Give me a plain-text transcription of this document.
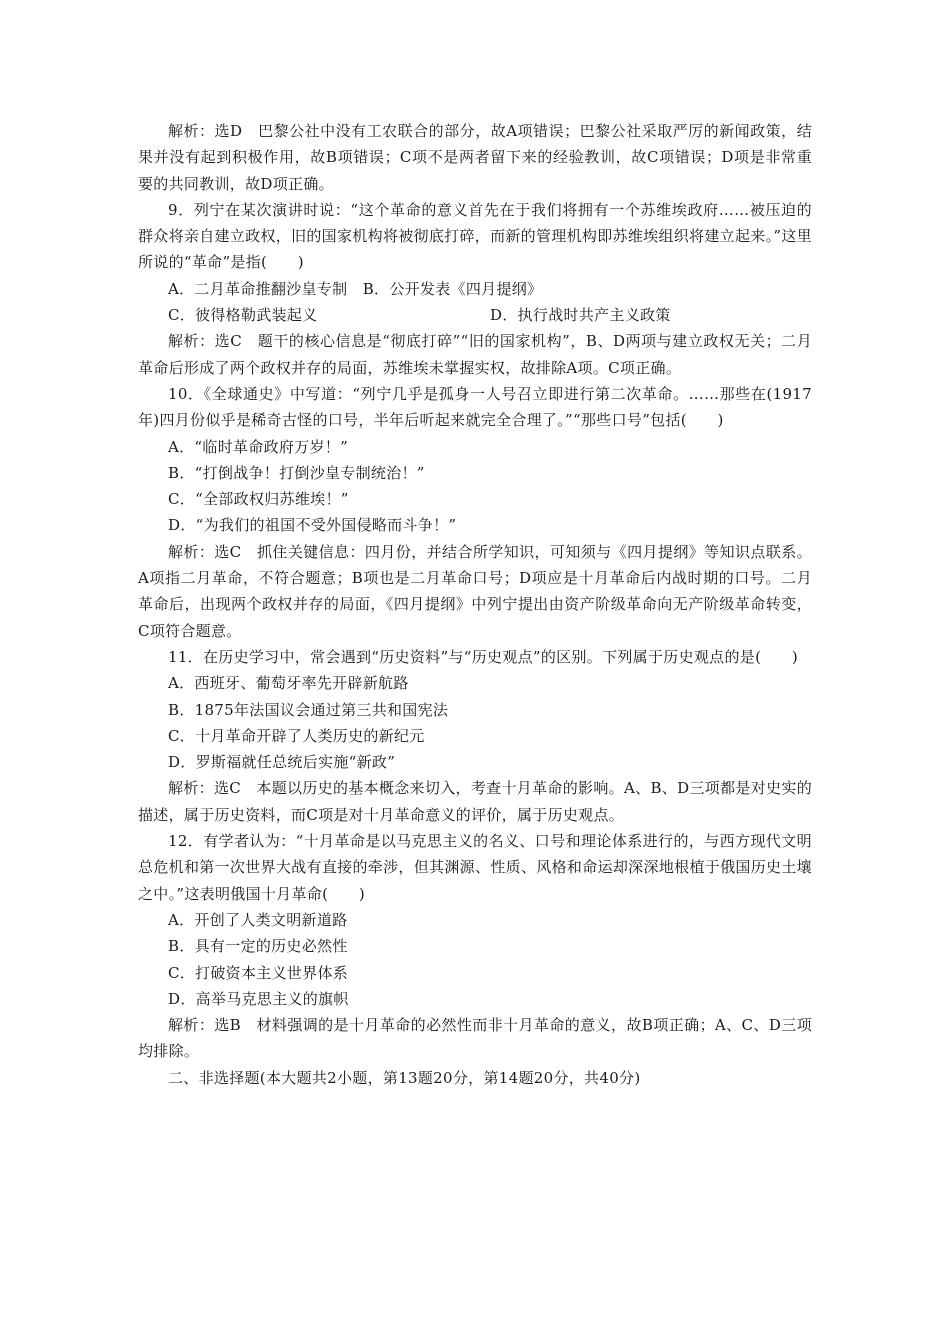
解析：选D　巴黎公社中没有工农联合的部分，故A项错误；巴黎公社采取严厉的新闻政策，结果并没有起到积极作用，故B项错误；C项不是两者留下来的经验教训，故C项错误；D项是非常重要的共同教训，故D项正确。

9．列宁在某次演讲时说：“这个革命的意义首先在于我们将拥有一个苏维埃政府……被压迫的群众将亲自建立政权，旧的国家机构将被彻底打碎，而新的管理机构即苏维埃组织将建立起来。”这里所说的“革命”是指(　　)

A．二月革命推翻沙皇专制　B．公开发表《四月提纲》

C．彼得格勒武装起义	D．执行战时共产主义政策

解析：选C　题干的核心信息是“彻底打碎”“旧的国家机构”，B、D两项与建立政权无关；二月革命后形成了两个政权并存的局面，苏维埃未掌握实权，故排除A项。C项正确。

10．《全球通史》中写道：“列宁几乎是孤身一人号召立即进行第二次革命。……那些在(1917年)四月份似乎是稀奇古怪的口号，半年后听起来就完全合理了。”“那些口号”包括(　　)

A．“临时革命政府万岁！”

B．“打倒战争！打倒沙皇专制统治！”

C．“全部政权归苏维埃！”

D．“为我们的祖国不受外国侵略而斗争！”

解析：选C　抓住关键信息：四月份，并结合所学知识，可知须与《四月提纲》等知识点联系。A项指二月革命，不符合题意；B项也是二月革命口号；D项应是十月革命后内战时期的口号。二月革命后，出现两个政权并存的局面，《四月提纲》中列宁提出由资产阶级革命向无产阶级革命转变，C项符合题意。

11．在历史学习中，常会遇到“历史资料”与“历史观点”的区别。下列属于历史观点的是(　　)

A．西班牙、葡萄牙率先开辟新航路

B．1875年法国议会通过第三共和国宪法

C．十月革命开辟了人类历史的新纪元

D．罗斯福就任总统后实施“新政”

解析：选C　本题以历史的基本概念来切入，考查十月革命的影响。A、B、D三项都是对史实的描述，属于历史资料，而C项是对十月革命意义的评价，属于历史观点。

12．有学者认为：“十月革命是以马克思主义的名义、口号和理论体系进行的，与西方现代文明总危机和第一次世界大战有直接的牵涉，但其渊源、性质、风格和命运却深深地根植于俄国历史土壤之中。”这表明俄国十月革命(　　)

A．开创了人类文明新道路

B．具有一定的历史必然性

C．打破资本主义世界体系

D．高举马克思主义的旗帜

解析：选B　材料强调的是十月革命的必然性而非十月革命的意义，故B项正确；A、C、D三项均排除。

二、非选择题(本大题共2小题，第13题20分，第14题20分，共40分)
